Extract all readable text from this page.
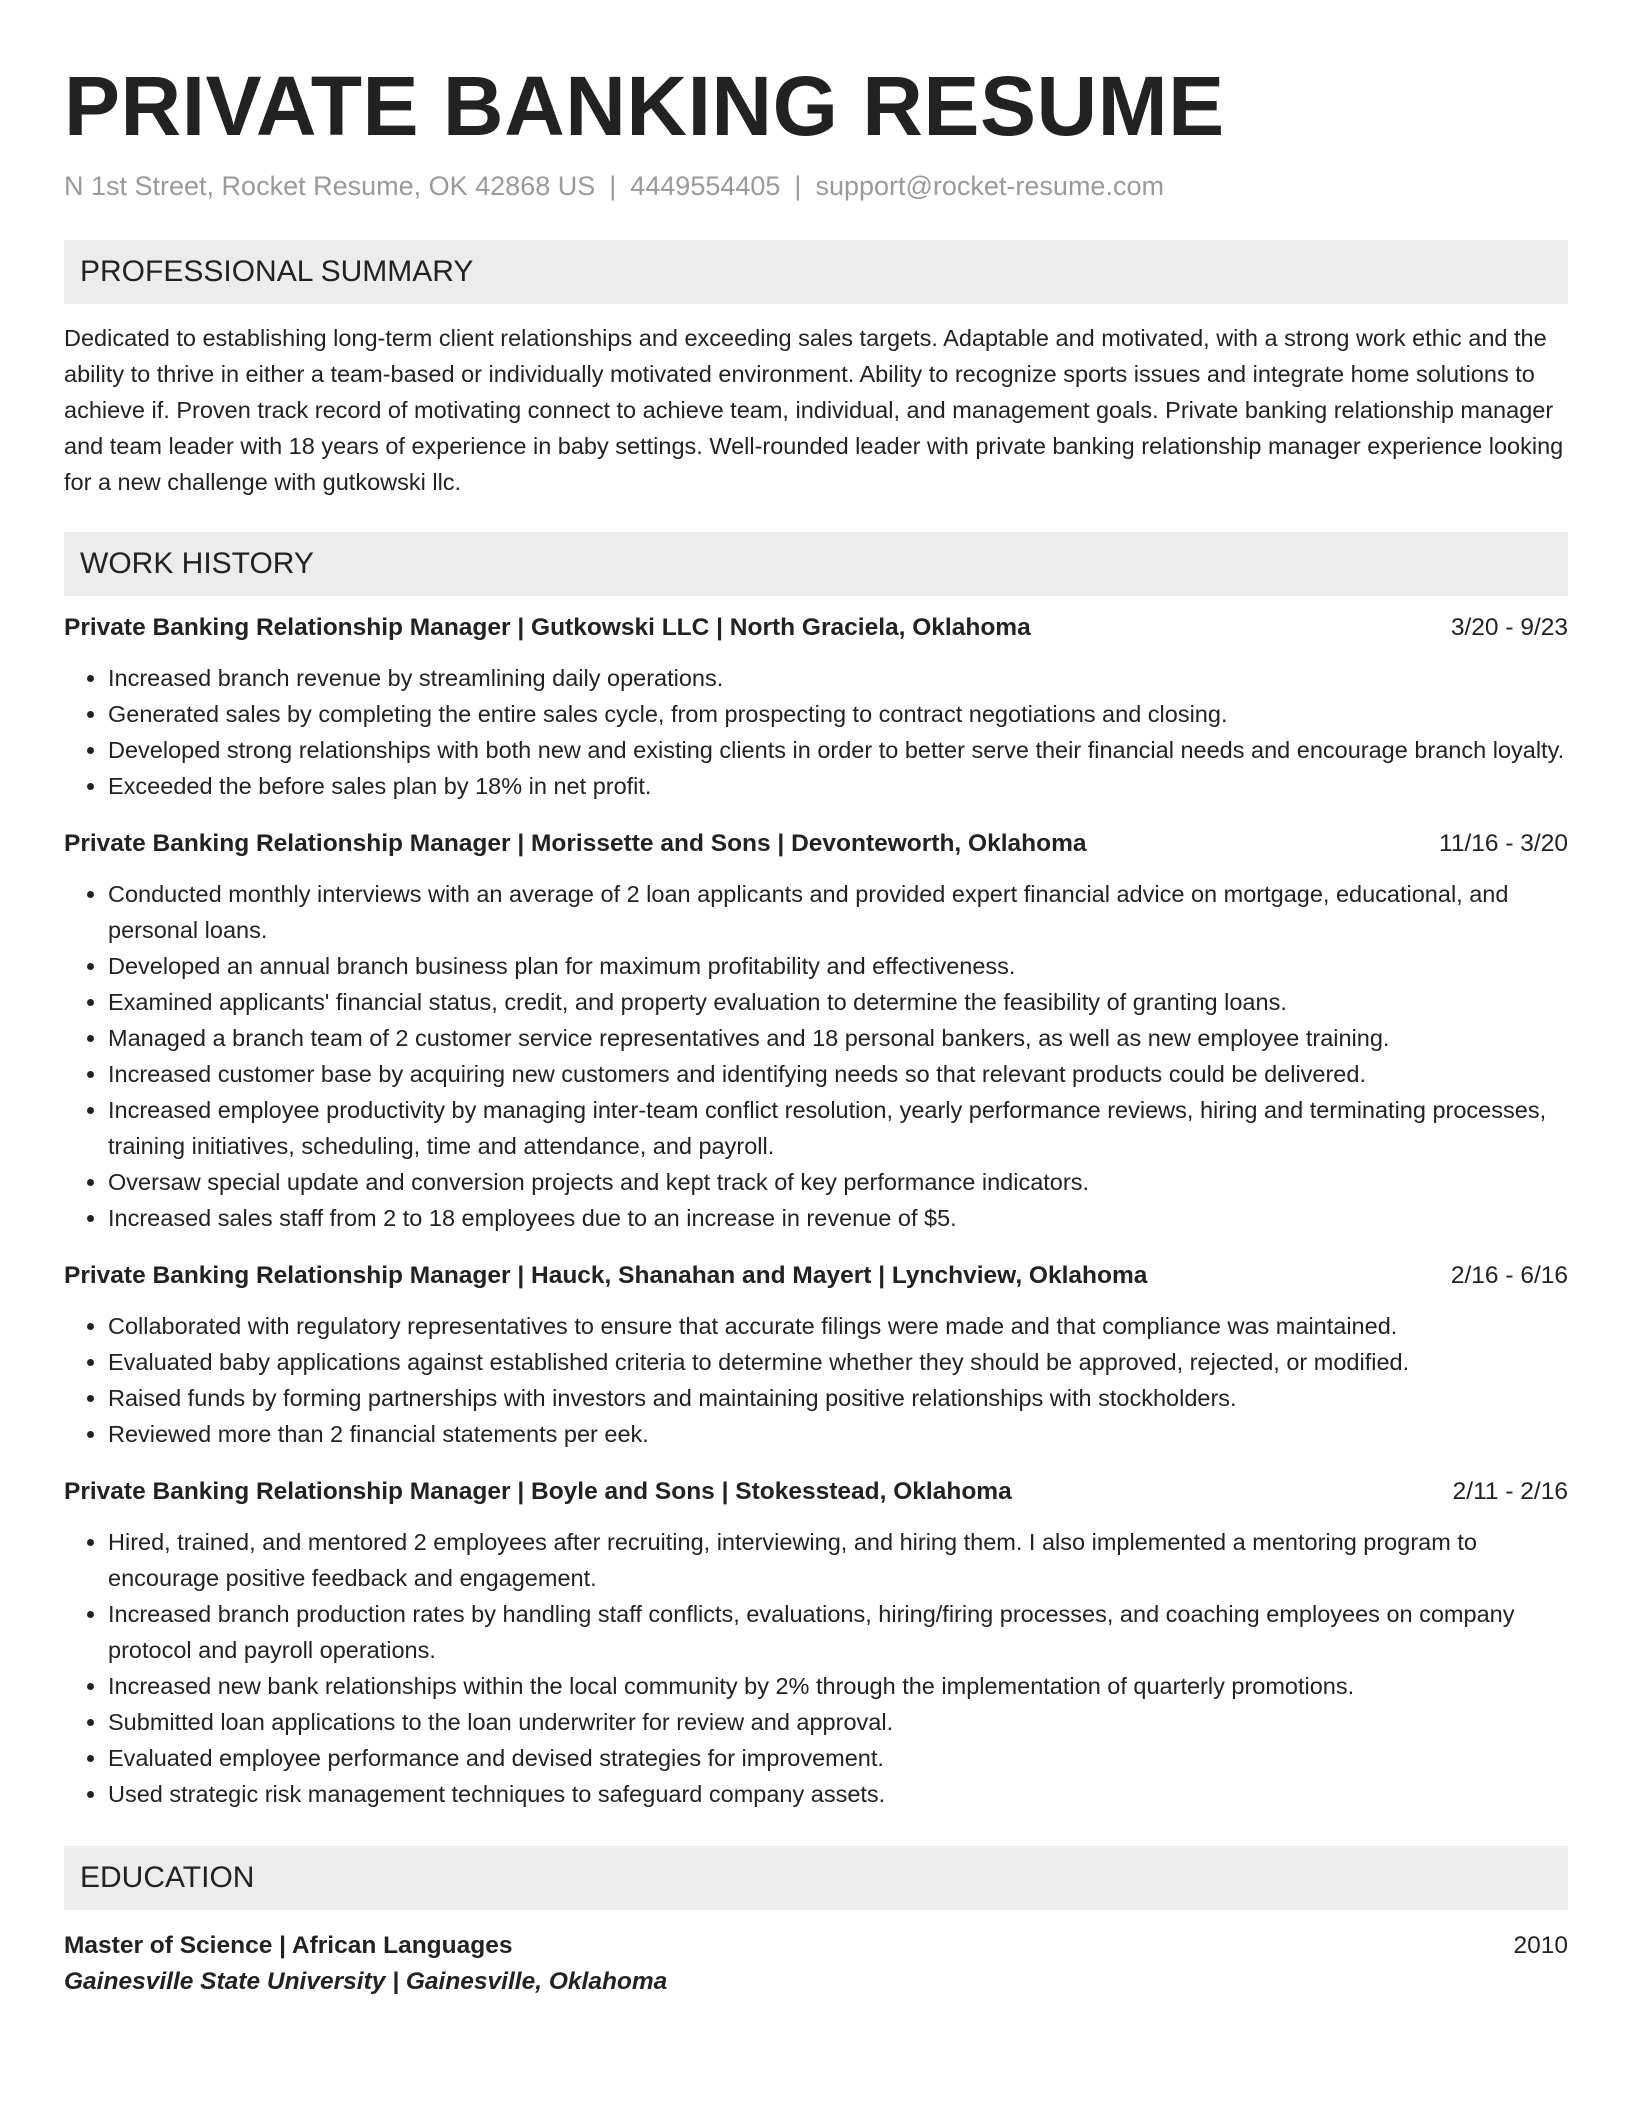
PRIVATE BANKING RESUME
N 1st Street, Rocket Resume, OK 42868 US | 4449554405 | support@rocket-resume.com
PROFESSIONAL SUMMARY
Dedicated to establishing long-term client relationships and exceeding sales targets. Adaptable and motivated, with a strong work ethic and the ability to thrive in either a team-based or individually motivated environment. Ability to recognize sports issues and integrate home solutions to achieve if. Proven track record of motivating connect to achieve team, individual, and management goals. Private banking relationship manager and team leader with 18 years of experience in baby settings. Well-rounded leader with private banking relationship manager experience looking for a new challenge with gutkowski llc.
WORK HISTORY
Private Banking Relationship Manager | Gutkowski LLC | North Graciela, Oklahoma	3/20 - 9/23
• Increased branch revenue by streamlining daily operations.
• Generated sales by completing the entire sales cycle, from prospecting to contract negotiations and closing.
• Developed strong relationships with both new and existing clients in order to better serve their financial needs and encourage branch loyalty.
• Exceeded the before sales plan by 18% in net profit.
Private Banking Relationship Manager | Morissette and Sons | Devonteworth, Oklahoma	11/16 - 3/20
• Conducted monthly interviews with an average of 2 loan applicants and provided expert financial advice on mortgage, educational, and personal loans.
• Developed an annual branch business plan for maximum profitability and effectiveness.
• Examined applicants' financial status, credit, and property evaluation to determine the feasibility of granting loans.
• Managed a branch team of 2 customer service representatives and 18 personal bankers, as well as new employee training.
• Increased customer base by acquiring new customers and identifying needs so that relevant products could be delivered.
• Increased employee productivity by managing inter-team conflict resolution, yearly performance reviews, hiring and terminating processes, training initiatives, scheduling, time and attendance, and payroll.
• Oversaw special update and conversion projects and kept track of key performance indicators.
• Increased sales staff from 2 to 18 employees due to an increase in revenue of $5.
Private Banking Relationship Manager | Hauck, Shanahan and Mayert | Lynchview, Oklahoma	2/16 - 6/16
• Collaborated with regulatory representatives to ensure that accurate filings were made and that compliance was maintained.
• Evaluated baby applications against established criteria to determine whether they should be approved, rejected, or modified.
• Raised funds by forming partnerships with investors and maintaining positive relationships with stockholders.
• Reviewed more than 2 financial statements per eek.
Private Banking Relationship Manager | Boyle and Sons | Stokesstead, Oklahoma	2/11 - 2/16
• Hired, trained, and mentored 2 employees after recruiting, interviewing, and hiring them. I also implemented a mentoring program to encourage positive feedback and engagement.
• Increased branch production rates by handling staff conflicts, evaluations, hiring/firing processes, and coaching employees on company protocol and payroll operations.
• Increased new bank relationships within the local community by 2% through the implementation of quarterly promotions.
• Submitted loan applications to the loan underwriter for review and approval.
• Evaluated employee performance and devised strategies for improvement.
• Used strategic risk management techniques to safeguard company assets.
EDUCATION
Master of Science | African Languages	2010
Gainesville State University | Gainesville, Oklahoma
